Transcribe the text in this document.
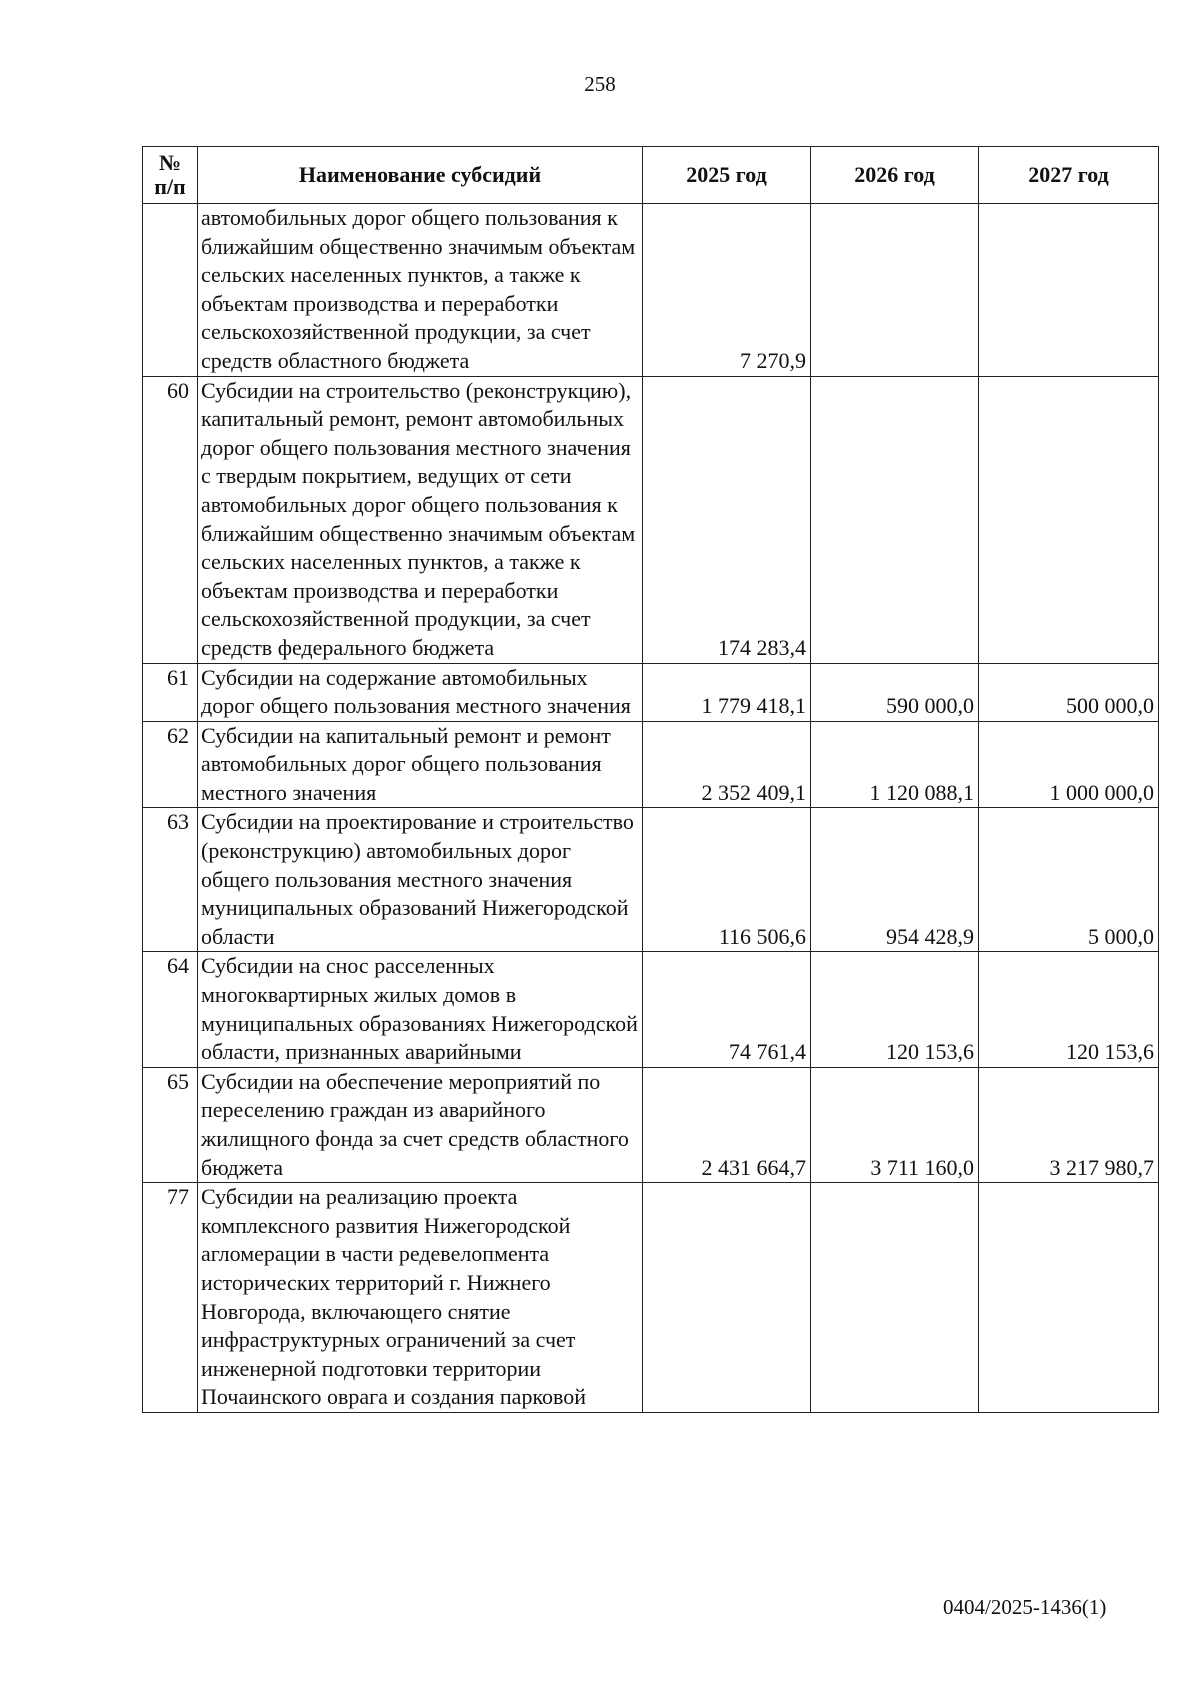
258
№
п/п	Наименование субсидий	2025 год	2026 год	2027 год
	автомобильных дорог общего пользования к ближайшим общественно значимым объектам сельских населенных пунктов, а также к объектам производства и переработки сельскохозяйственной продукции, за счет средств областного бюджета	7 270,9		
60	Субсидии на строительство (реконструкцию), капитальный ремонт, ремонт автомобильных дорог общего пользования местного значения с твердым покрытием, ведущих от сети автомобильных дорог общего пользования к ближайшим общественно значимым объектам сельских населенных пунктов, а также к объектам производства и переработки сельскохозяйственной продукции, за счет средств федерального бюджета	174 283,4		
61	Субсидии на содержание автомобильных дорог общего пользования местного значения	1 779 418,1	590 000,0	500 000,0
62	Субсидии на капитальный ремонт и ремонт автомобильных дорог общего пользования местного значения	2 352 409,1	1 120 088,1	1 000 000,0
63	Субсидии на проектирование и строительство (реконструкцию) автомобильных дорог общего пользования местного значения муниципальных образований Нижегородской области	116 506,6	954 428,9	5 000,0
64	Субсидии на снос расселенных многоквартирных жилых домов в муниципальных образованиях Нижегородской области, признанных аварийными	74 761,4	120 153,6	120 153,6
65	Субсидии на обеспечение мероприятий по переселению граждан из аварийного жилищного фонда за счет средств областного бюджета	2 431 664,7	3 711 160,0	3 217 980,7
77	Субсидии на реализацию проекта комплексного развития Нижегородской агломерации в части редевелопмента исторических территорий г. Нижнего Новгорода, включающего снятие инфраструктурных ограничений за счет инженерной подготовки территории Почаинского оврага и создания парковой			
0404/2025-1436(1)
